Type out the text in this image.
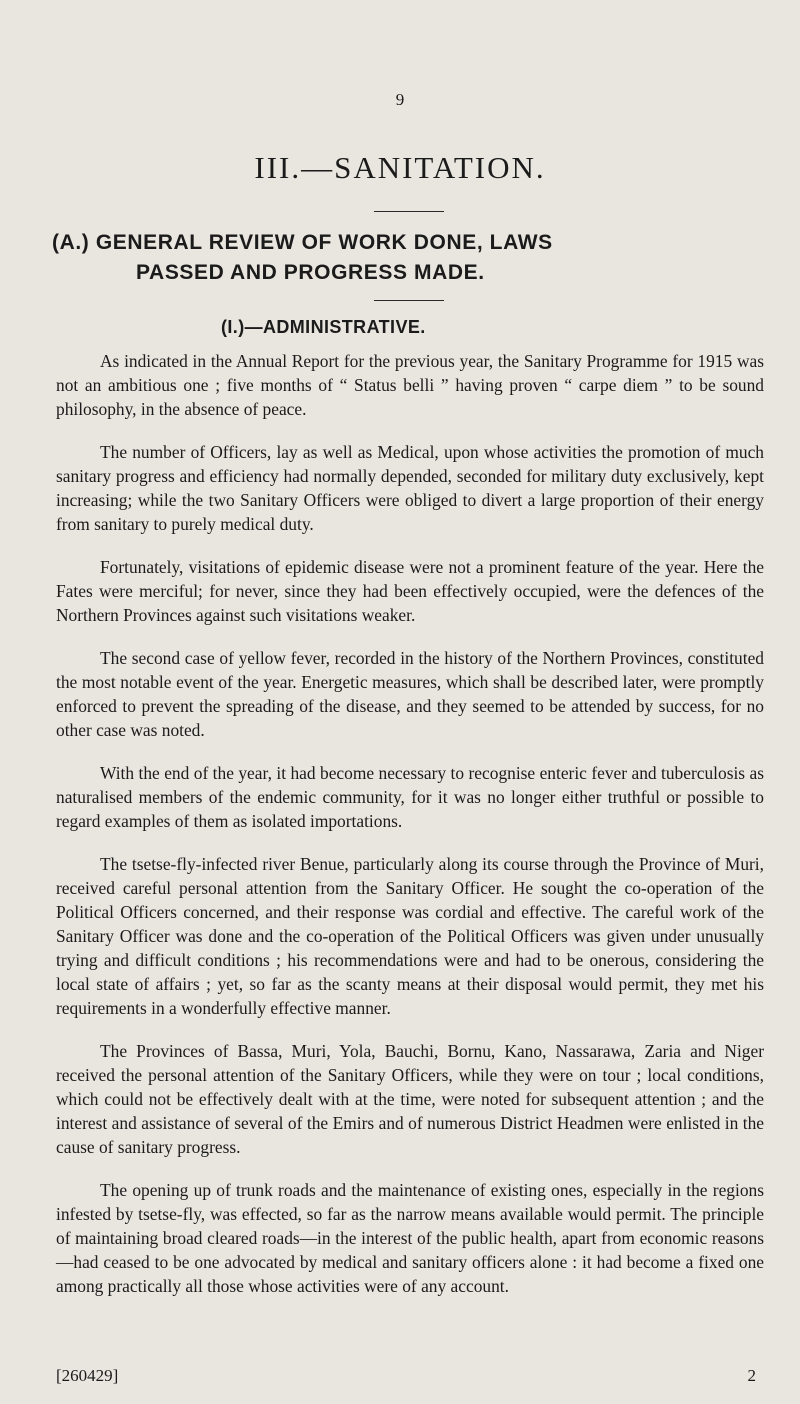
9
III.—SANITATION.
(A.) GENERAL REVIEW OF WORK DONE, LAWS
PASSED AND PROGRESS MADE.
(I.)—ADMINISTRATIVE.

As indicated in the Annual Report for the previous year, the Sanitary Programme for 1915 was not an ambitious one ; five months of “ Status belli ” having proven “ carpe diem ” to be sound philosophy, in the absence of peace.

The number of Officers, lay as well as Medical, upon whose activities the promotion of much sanitary progress and efficiency had normally depended, seconded for military duty exclusively, kept increasing; while the two Sanitary Officers were obliged to divert a large proportion of their energy from sanitary to purely medical duty.

Fortunately, visitations of epidemic disease were not a prominent feature of the year. Here the Fates were merciful; for never, since they had been effectively occupied, were the defences of the Northern Provinces against such visitations weaker.

The second case of yellow fever, recorded in the history of the Northern Provinces, constituted the most notable event of the year. Energetic measures, which shall be described later, were promptly enforced to prevent the spreading of the disease, and they seemed to be attended by success, for no other case was noted.

With the end of the year, it had become necessary to recognise enteric fever and tuberculosis as naturalised members of the endemic community, for it was no longer either truthful or possible to regard examples of them as isolated importations.

The tsetse-fly-infected river Benue, particularly along its course through the Province of Muri, received careful personal attention from the Sanitary Officer. He sought the co-operation of the Political Officers concerned, and their response was cordial and effective. The careful work of the Sanitary Officer was done and the co-operation of the Political Officers was given under unusually trying and difficult conditions ; his recommendations were and had to be onerous, considering the local state of affairs ; yet, so far as the scanty means at their disposal would permit, they met his requirements in a wonderfully effective manner.

The Provinces of Bassa, Muri, Yola, Bauchi, Bornu, Kano, Nassarawa, Zaria and Niger received the personal attention of the Sanitary Officers, while they were on tour ; local conditions, which could not be effectively dealt with at the time, were noted for subsequent attention ; and the interest and assistance of several of the Emirs and of numerous District Headmen were enlisted in the cause of sanitary progress.

The opening up of trunk roads and the maintenance of existing ones, especially in the regions infested by tsetse-fly, was effected, so far as the narrow means available would permit. The principle of maintaining broad cleared roads—in the interest of the public health, apart from economic reasons—had ceased to be one advocated by medical and sanitary officers alone : it had become a fixed one among practically all those whose activities were of any account.

[260429]	2
